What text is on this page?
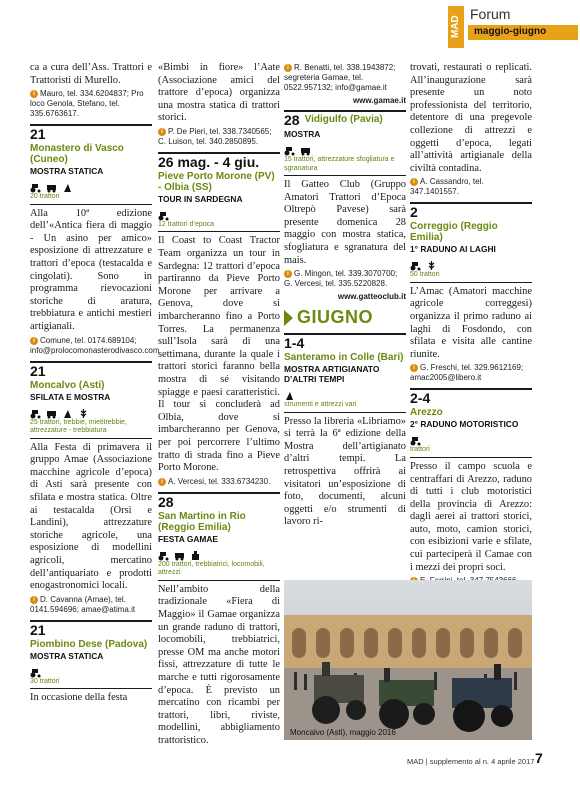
MAD
Forum
maggio-giugno

ca a cura dell’Ass. Trattori e Trattoristi di Murello.

i Mauro, tel. 334.6204837; Pro loco Genola, Stefano, tel. 335.6763617.
21
Monastero di Vasco (Cuneo)
MOSTRA STATICA
20 trattori

Alla 10ª edizione dell’«Antica fiera di maggio - Un asino per amico» esposizione di attrezzature e trattori d’epoca (testacalda e cingolati). Sono in programma rievocazioni storiche di aratura, trebbiatura e antichi mestieri artigianali.

i Comune, tel. 0174.689104; info@prolocomonasterodivasco.com
21
Moncalvo (Asti)
SFILATA E MOSTRA
25 trattori, trebbie, mietitrebbie, attrezzature - trebbiatura

Alla Festa di primavera il gruppo Amae (Associazione macchine agricole d’epoca) di Asti sarà presente con sfilata e mostra statica. Oltre ai testacalda (Orsi e Landini), attrezzature storiche agricole, una esposizione di modellini agricoli, mercatino dell’antiquariato e prodotti enogastronomici locali.

i D. Cavanna (Amae), tel. 0141.594696; amae@atima.it
21
Piombino Dese (Padova)
MOSTRA STATICA
30 trattori

In occasione della festa

«Bimbi in fiore» l’Aate (Associazione amici del trattore d’epoca) organizza una mostra statica di trattori storici.

i P. De Pieri, tel. 338.7340565; C. Luison, tel. 340.2850895.
26 mag. - 4 giu.
Pieve Porto Morone (PV) - Olbia (SS)
TOUR IN SARDEGNA
12 trattori d’epoca

Il Coast to Coast Tractor Team organizza un tour in Sardegna: 12 trattori d’epoca partiranno da Pieve Porto Morone per arrivare a Genova, dove si imbarcheranno fino a Porto Torres. La permanenza sull’Isola sarà di una settimana, durante la quale i trattori storici faranno bella mostra di sé visitando spiagge e paesi caratteristici. Il tour si concluderà ad Olbia, dove si imbarcheranno per Genova, per poi percorrere l’ultimo tratto di strada fino a Pieve Porto Morone.

i A. Vercesi, tel. 333.6734230.
28
San Martino in Rio (Reggio Emilia)
FESTA GAMAE
200 trattori, trebbiatrici, locomobili, attrezzi

Nell’ambito della tradizionale «Fiera di Maggio» il Gamae organizza un grande raduno di trattori, locomobili, trebbiatrici, presse OM ma anche motori fissi, attrezzature di tutte le marche e tutti rigorosamente d’epoca. È previsto un mercatino con ricambi per trattori, libri, riviste, modellini, abbigliamento trattoristico.

i R. Benatti, tel. 338.1943872; segreteria Gamae, tel. 0522.957132; info@gamae.it
www.gamae.it
28 Vidigulfo (Pavia)
MOSTRA
15 trattori, attrezzature sfogliatura e sgranatura

Il Gatteo Club (Gruppo Amatori Trattori d’Epoca Oltrepò Pavese) sarà presente domenica 28 maggio con mostra statica, sfogliatura e sgranatura del mais.

i G. Mingon, tel. 339.3070700; G. Vercesi, tel. 335.5220828.
www.gatteoclub.it
GIUGNO
1-4
Santeramo in Colle (Bari)
MOSTRA ARTIGIANATO D’ALTRI TEMPI
strumenti e attrezzi vari

Presso la libreria «Libriamo» si terrà la 6ª edizione della Mostra dell’artigianato d’altri tempi. La retrospettiva offrirà ai visitatori un’esposizione di foto, documenti, alcuni oggetti e/o strumenti di lavoro ri-

trovati, restaurati o replicati. All’inaugurazione sarà presente un noto professionista del territorio, detentore di una pregevole collezione di attrezzi e oggetti d’epoca, legati all’attività artigianale della civiltà contadina.

i A. Cassandro, tel. 347.1401557.
2
Correggio (Reggio Emilia)
1° RADUNO AI LAGHI
50 trattori

L’Amac (Amatori macchine agricole correggesi) organizza il primo raduno ai laghi di Fosdondo, con sfilata e visita alle cantine riunite.

i G. Freschi, tel. 329.9612169; amac2005@libero.it
2-4
Arezzo
2° RADUNO MOTORISTICO
trattori

Presso il campo scuola e centraffari di Arezzo, raduno di tutti i club motoristici della provincia di Arezzo: dagli aerei ai trattori storici, auto, moto, camion storici, con esibizioni varie e sfilate, cui parteciperà il Camae con i mezzi dei propri soci.

Moncalvo (Asti), maggio 2016
MAD | supplemento al n. 4 aprile 2017 7
